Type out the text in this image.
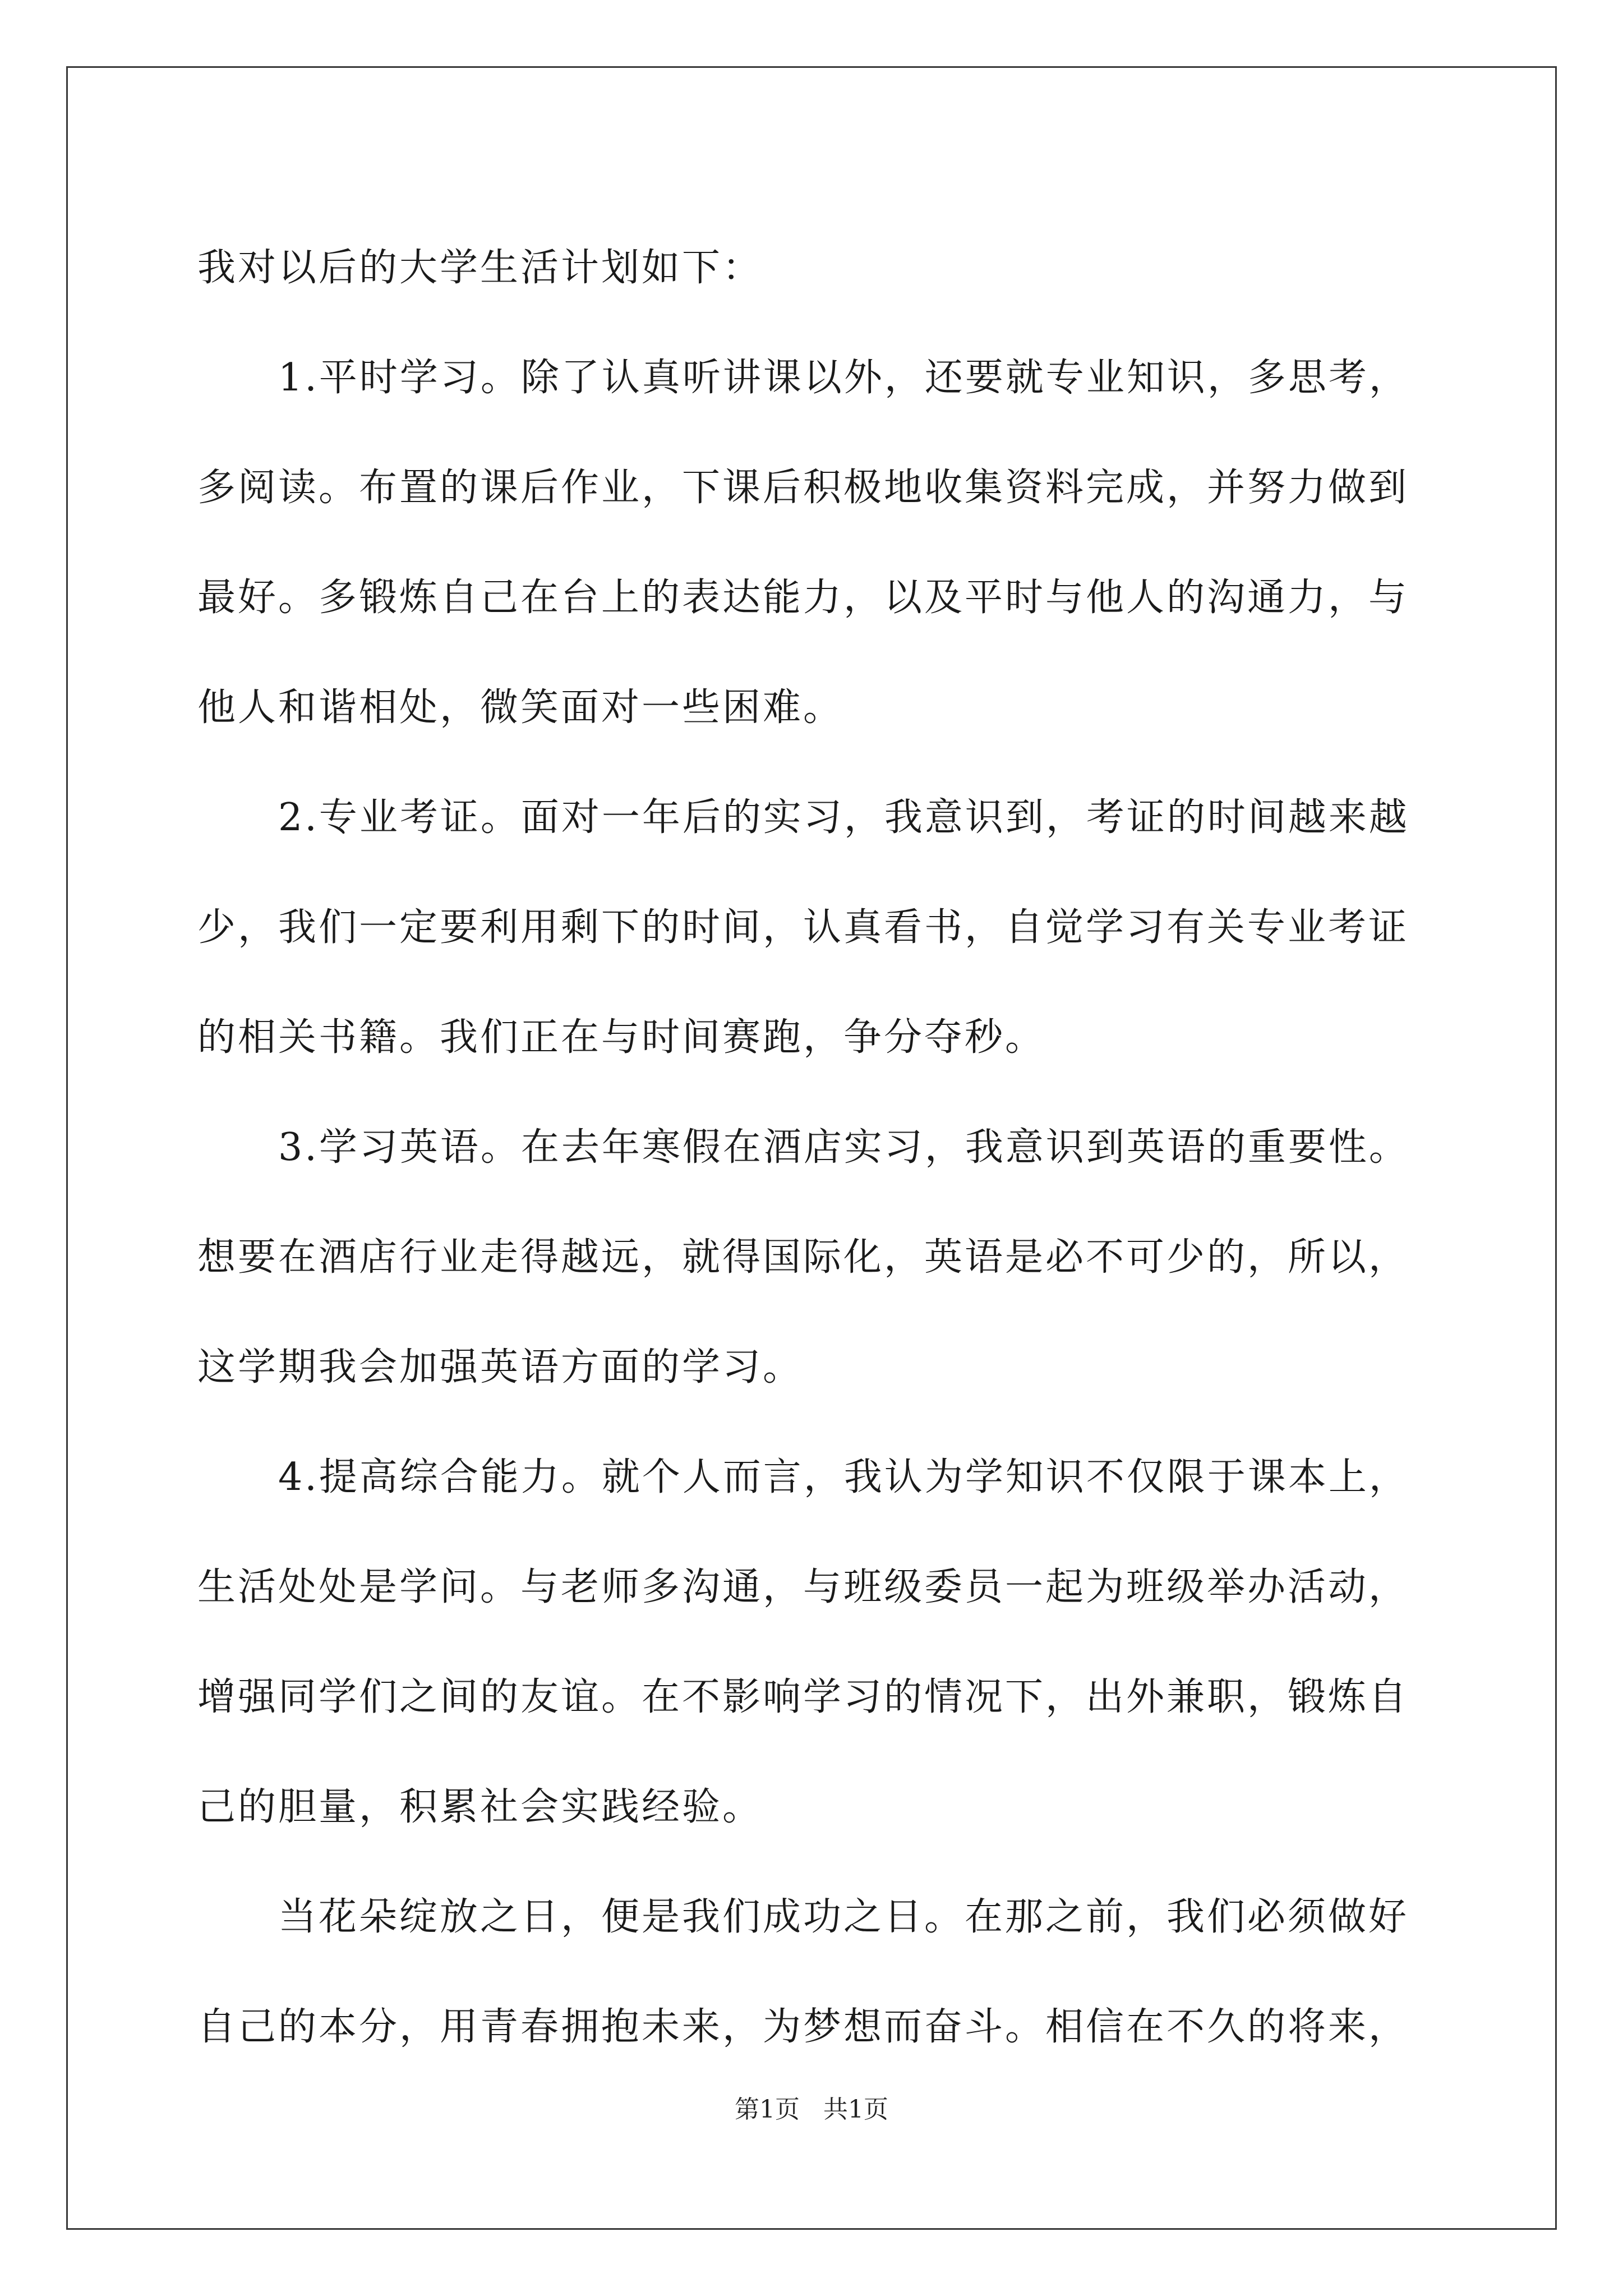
我对以后的大学生活计划如下：

1.平时学习。除了认真听讲课以外，还要就专业知识，多思考，多阅读。布置的课后作业，下课后积极地收集资料完成，并努力做到最好。多锻炼自己在台上的表达能力，以及平时与他人的沟通力，与他人和谐相处，微笑面对一些困难。

2.专业考证。面对一年后的实习，我意识到，考证的时间越来越少，我们一定要利用剩下的时间，认真看书，自觉学习有关专业考证的相关书籍。我们正在与时间赛跑，争分夺秒。

3.学习英语。在去年寒假在酒店实习，我意识到英语的重要性。想要在酒店行业走得越远，就得国际化，英语是必不可少的，所以，这学期我会加强英语方面的学习。

4.提高综合能力。就个人而言，我认为学知识不仅限于课本上，生活处处是学问。与老师多沟通，与班级委员一起为班级举办活动，增强同学们之间的友谊。在不影响学习的情况下，出外兼职，锻炼自己的胆量，积累社会实践经验。

当花朵绽放之日，便是我们成功之日。在那之前，我们必须做好自己的本分，用青春拥抱未来，为梦想而奋斗。相信在不久的将来，

第1页 共1页
